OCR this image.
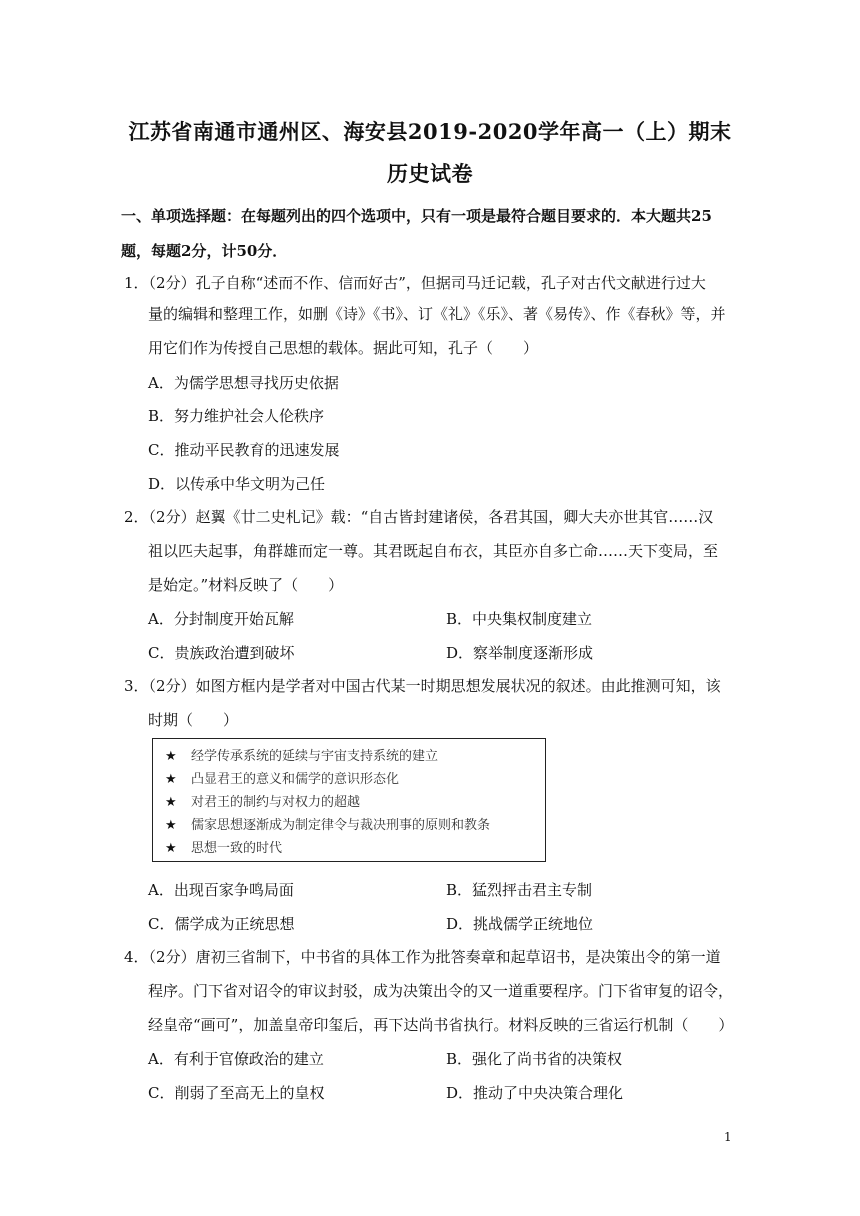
江苏省南通市通州区、海安县2019-2020学年高一（上）期末
历史试卷
一、单项选择题：在每题列出的四个选项中，只有一项是最符合题目要求的．本大题共25
题，每题2分，计50分．
1．（2分）孔子自称“述而不作、信而好古”，但据司马迁记载，孔子对古代文献进行过大
量的编辑和整理工作，如删《诗》《书》、订《礼》《乐》、著《易传》、作《春秋》等，并
用它们作为传授自己思想的载体。据此可知，孔子（　　）
A．为儒学思想寻找历史依据
B．努力维护社会人伦秩序
C．推动平民教育的迅速发展
D．以传承中华文明为己任
2．（2分）赵翼《廿二史札记》载：“自古皆封建诸侯，各君其国，卿大夫亦世其官……汉
祖以匹夫起事，角群雄而定一尊。其君既起自布衣，其臣亦自多亡命……天下变局，至
是始定。”材料反映了（　　）
A．分封制度开始瓦解	B．中央集权制度建立
C．贵族政治遭到破坏	D．察举制度逐渐形成
3．（2分）如图方框内是学者对中国古代某一时期思想发展状况的叙述。由此推测可知，该
时期（　　）
★ 经学传承系统的延续与宇宙支持系统的建立
★ 凸显君王的意义和儒学的意识形态化
★ 对君王的制约与对权力的超越
★ 儒家思想逐渐成为制定律令与裁决刑事的原则和教条
★ 思想一致的时代
A．出现百家争鸣局面	B．猛烈抨击君主专制
C．儒学成为正统思想	D．挑战儒学正统地位
4．（2分）唐初三省制下，中书省的具体工作为批答奏章和起草诏书，是决策出令的第一道
程序。门下省对诏令的审议封驳，成为决策出令的又一道重要程序。门下省审复的诏令，
经皇帝“画可”，加盖皇帝印玺后，再下达尚书省执行。材料反映的三省运行机制（　　）
A．有利于官僚政治的建立	B．强化了尚书省的决策权
C．削弱了至高无上的皇权	D．推动了中央决策合理化
1
